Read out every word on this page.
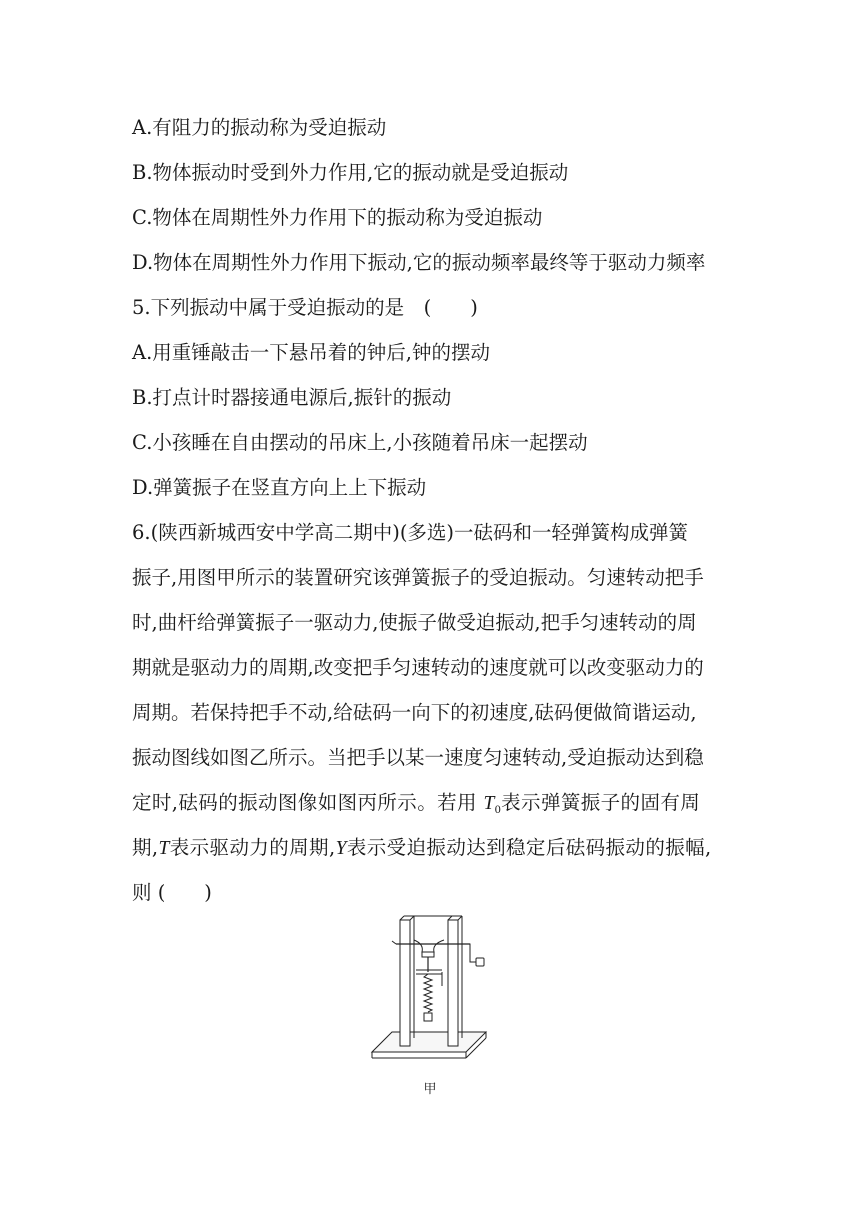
A.有阻力的振动称为受迫振动
B.物体振动时受到外力作用,它的振动就是受迫振动
C.物体在周期性外力作用下的振动称为受迫振动
D.物体在周期性外力作用下振动,它的振动频率最终等于驱动力频率
5.下列振动中属于受迫振动的是　(　　)
A.用重锤敲击一下悬吊着的钟后,钟的摆动
B.打点计时器接通电源后,振针的振动
C.小孩睡在自由摆动的吊床上,小孩随着吊床一起摆动
D.弹簧振子在竖直方向上上下振动
6.(陕西新城西安中学高二期中)(多选)一砝码和一轻弹簧构成弹簧
振子,用图甲所示的装置研究该弹簧振子的受迫振动。匀速转动把手
时,曲杆给弹簧振子一驱动力,使振子做受迫振动,把手匀速转动的周
期就是驱动力的周期,改变把手匀速转动的速度就可以改变驱动力的
周期。若保持把手不动,给砝码一向下的初速度,砝码便做简谐运动,
振动图线如图乙所示。当把手以某一速度匀速转动,受迫振动达到稳
定时,砝码的振动图像如图丙所示。若用 $T_0$表示弹簧振子的固有周
期,T表示驱动力的周期,Y表示受迫振动达到稳定后砝码振动的振幅,
则 (　　)
甲
